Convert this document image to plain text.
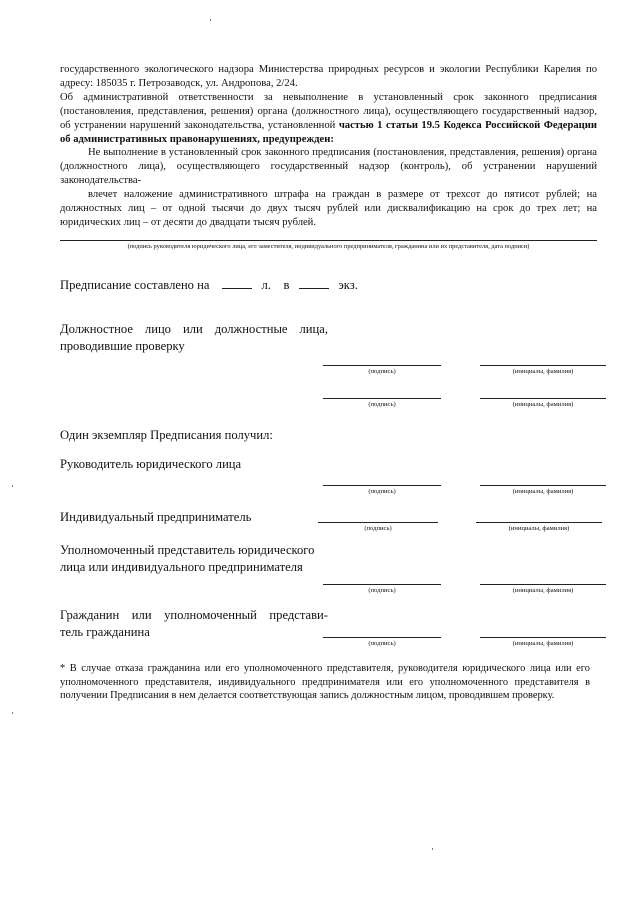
государственного экологического надзора Министерства природных ресурсов и экологии Республики Карелия по адресу: 185035 г. Петрозаводск, ул. Андропова, 2/24.

Об административной ответственности за невыполнение в установленный срок законного предписания (постановления, представления, решения) органа (должностного лица), осуществляющего государственный надзор, об устранении нарушений законодательства, установленной частью 1 статьи 19.5 Кодекса Российской Федерации об административных правонарушениях, предупрежден:

Не выполнение в установленный срок законного предписания (постановления, представления, решения) органа (должностного лица), осуществляющего государственный надзор (контроль), об устранении нарушений законодательства-

влечет наложение административного штрафа на граждан в размере от трехсот до пятисот рублей; на должностных лиц – от одной тысячи до двух тысяч рублей или дисквалификацию на срок до трех лет; на юридических лиц – от десяти до двадцати тысяч рублей.

(подпись руководителя юридического лица, его заместителя, индивидуального предпринимателя, гражданина или их представителя, дата подписи)
Предписание составлено на	л. в	экз.
Должностное лицо или должностные лица,
проводившие проверку
(подпись)	(инициалы, фамилия)
(подпись)	(инициалы, фамилия)
Один экземпляр Предписания получил:
Руководитель юридического лица
(подпись)	(инициалы, фамилия)
Индивидуальный предприниматель
(подпись)	(инициалы, фамилия)
Уполномоченный представитель юридического
лица или индивидуального предпринимателя
(подпись)	(инициалы, фамилия)
Гражданин или уполномоченный представи-
тель гражданина
(подпись)	(инициалы, фамилия)
* В случае отказа гражданина или его уполномоченного представителя, руководителя юридического лица или его уполномоченного представителя, индивидуального предпринимателя или его уполномоченного представителя в получении Предписания в нем делается соответствующая запись должностным лицом, проводившем проверку.
